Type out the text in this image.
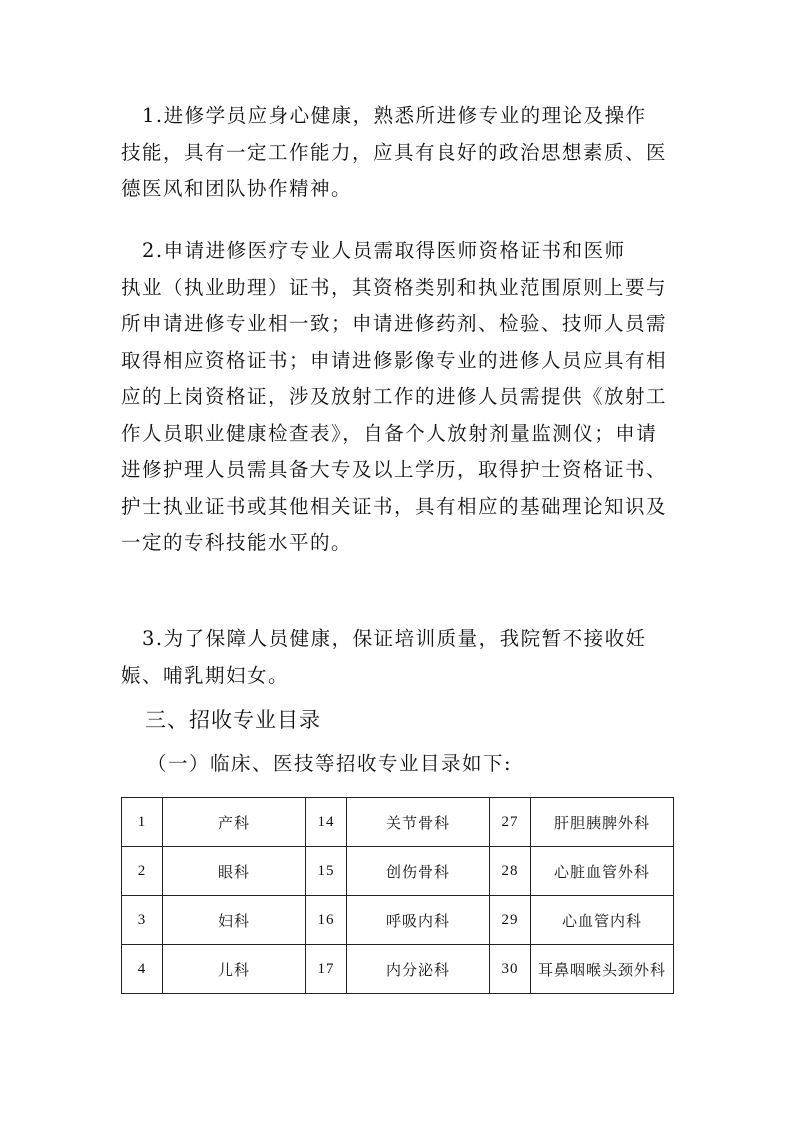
　1.进修学员应身心健康，熟悉所进修专业的理论及操作
技能，具有一定工作能力，应具有良好的政治思想素质、医
德医风和团队协作精神。
　2.申请进修医疗专业人员需取得医师资格证书和医师
执业（执业助理）证书，其资格类别和执业范围原则上要与
所申请进修专业相一致；申请进修药剂、检验、技师人员需
取得相应资格证书；申请进修影像专业的进修人员应具有相
应的上岗资格证，涉及放射工作的进修人员需提供《放射工
作人员职业健康检查表》，自备个人放射剂量监测仪；申请
进修护理人员需具备大专及以上学历，取得护士资格证书、
护士执业证书或其他相关证书，具有相应的基础理论知识及
一定的专科技能水平的。
　3.为了保障人员健康，保证培训质量，我院暂不接收妊
娠、哺乳期妇女。
三、招收专业目录
（一）临床、医技等招收专业目录如下:
1	产科	14	关节骨科	27	肝胆胰脾外科
2	眼科	15	创伤骨科	28	心脏血管外科
3	妇科	16	呼吸内科	29	心血管内科
4	儿科	17	内分泌科	30	耳鼻咽喉头颈外科
